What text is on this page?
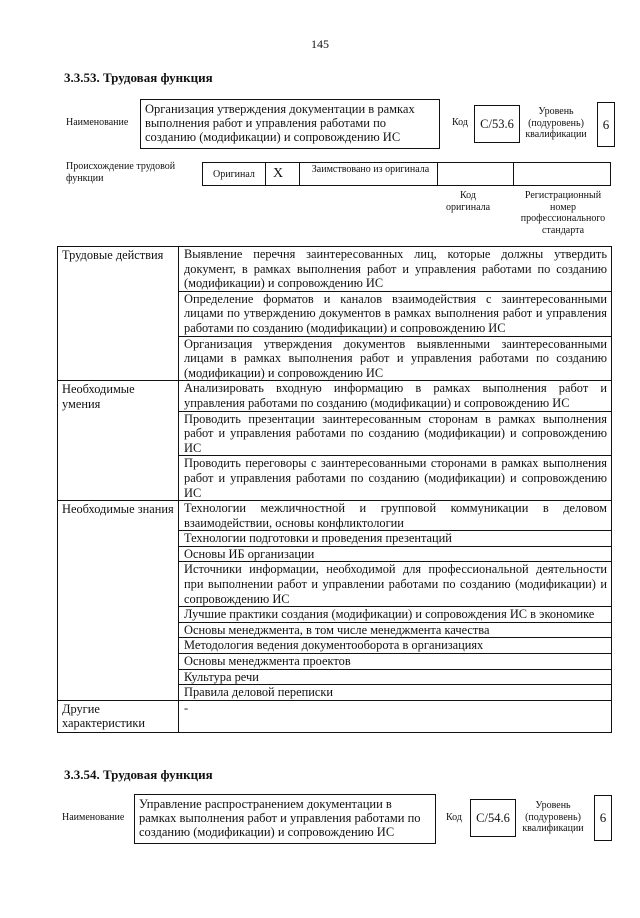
145
3.3.53. Трудовая функция
Наименование
Организация утверждения документации в рамках выполнения работ и управления работами по созданию (модификации) и сопровождению ИС
Код C/53.6
Уровень (подуровень) квалификации
6
Происхождение трудовой функции	Оригинал X	Заимствовано из оригинала
Код оригинала
Регистрационный номер профессионального стандарта
Трудовые действия	Выявление перечня заинтересованных лиц, которые должны утвердить документ, в рамках выполнения работ и управления работами по созданию (модификации) и сопровождению ИС
	Определение форматов и каналов взаимодействия с заинтересованными лицами по утверждению документов в рамках выполнения работ и управления работами по созданию (модификации) и сопровождению ИС
	Организация утверждения документов выявленными заинтересованными лицами в рамках выполнения работ и управления работами по созданию (модификации) и сопровождению ИС
Необходимые умения	Анализировать входную информацию в рамках выполнения работ и управления работами по созданию (модификации) и сопровождению ИС
	Проводить презентации заинтересованным сторонам в рамках выполнения работ и управления работами по созданию (модификации) и сопровождению ИС
	Проводить переговоры с заинтересованными сторонами в рамках выполнения работ и управления работами по созданию (модификации) и сопровождению ИС
Необходимые знания	Технологии межличностной и групповой коммуникации в деловом взаимодействии, основы конфликтологии
	Технологии подготовки и проведения презентаций
	Основы ИБ организации
	Источники информации, необходимой для профессиональной деятельности при выполнении работ и управлении работами по созданию (модификации) и сопровождению ИС
	Лучшие практики создания (модификации) и сопровождения ИС в экономике
	Основы менеджмента, в том числе менеджмента качества
	Методология ведения документооборота в организациях
	Основы менеджмента проектов
	Культура речи
	Правила деловой переписки
Другие характеристики	-
3.3.54. Трудовая функция
Наименование
Управление распространением документации в рамках выполнения работ и управления работами по созданию (модификации) и сопровождению ИС
Код	C/54.6
Уровень (подуровень) квалификации
6
